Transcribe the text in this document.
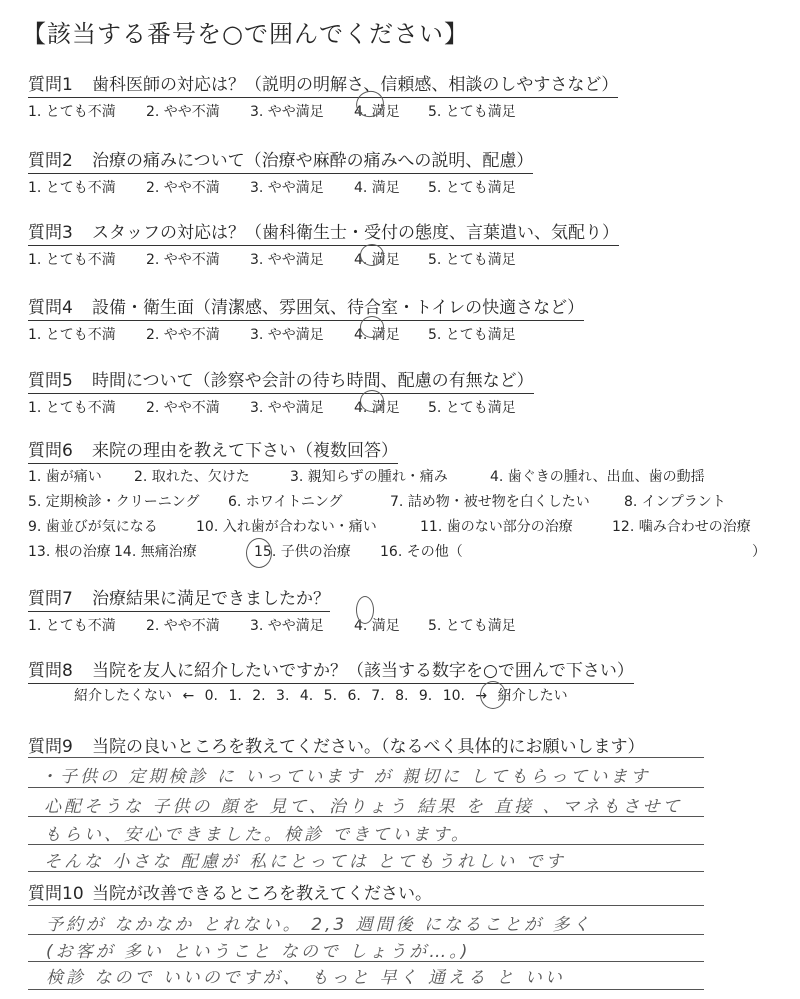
【該当する番号を○で囲んでください】
質問1 歯科医師の対応は？（説明の明解さ、信頼感、相談のしやすさなど）
1. とても不満 2. やや不満 3. やや満足 4. 満足 5. とても満足
質問2 治療の痛みについて（治療や麻酔の痛みへの説明、配慮）
1. とても不満 2. やや不満 3. やや満足 4. 満足 5. とても満足
質問3 スタッフの対応は？（歯科衛生士・受付の態度、言葉遣い、気配り）
1. とても不満 2. やや不満 3. やや満足 4. 満足 5. とても満足
質問4 設備・衛生面（清潔感、雰囲気、待合室・トイレの快適さなど）
1. とても不満 2. やや不満 3. やや満足 4. 満足 5. とても満足
質問5 時間について（診察や会計の待ち時間、配慮の有無など）
1. とても不満 2. やや不満 3. やや満足 4. 満足 5. とても満足
質問6 来院の理由を教えて下さい（複数回答）
1. 歯が痛い 2. 取れた、欠けた	3. 親知らずの腫れ・痛み	4. 歯ぐきの腫れ、出血、歯の動揺
5. 定期検診・クリーニング 6. ホワイトニング	7. 詰め物・被せ物を白くしたい 8. インプラント
9. 歯並びが気になる	10. 入れ歯が合わない・痛い	11. 歯のない部分の治療	12. 噛み合わせの治療
13. 根の治療 14. 無痛治療	15. 子供の治療 16. その他（	）
質問7 治療結果に満足できましたか？
1. とても不満 2. やや不満 3. やや満足 4. 満足 5. とても満足
質問8 当院を友人に紹介したいですか？（該当する数字を○で囲んで下さい）
紹介したくない ← 0. 1. 2. 3. 4. 5. 6. 7. 8. 9. 10. → 紹介したい
質問9 当院の良いところを教えてください。（なるべく具体的にお願いします）
・子供の 定期検診 に いっています が 親切に してもらっています
心配そうな 子供の 顔を 見て、治りょう 結果 を 直接 、マネもさせて
もらい、安心できました。検診 できています。
そんな 小さな 配慮が 私にとっては とてもうれしい です
質問10 当院が改善できるところを教えてください。
予約が なかなか とれない。 2,3 週間後 になることが 多く
(お客が 多い ということ なので しょうが…。)
検診 なので いいのですが、 もっと 早く 通える と いい
